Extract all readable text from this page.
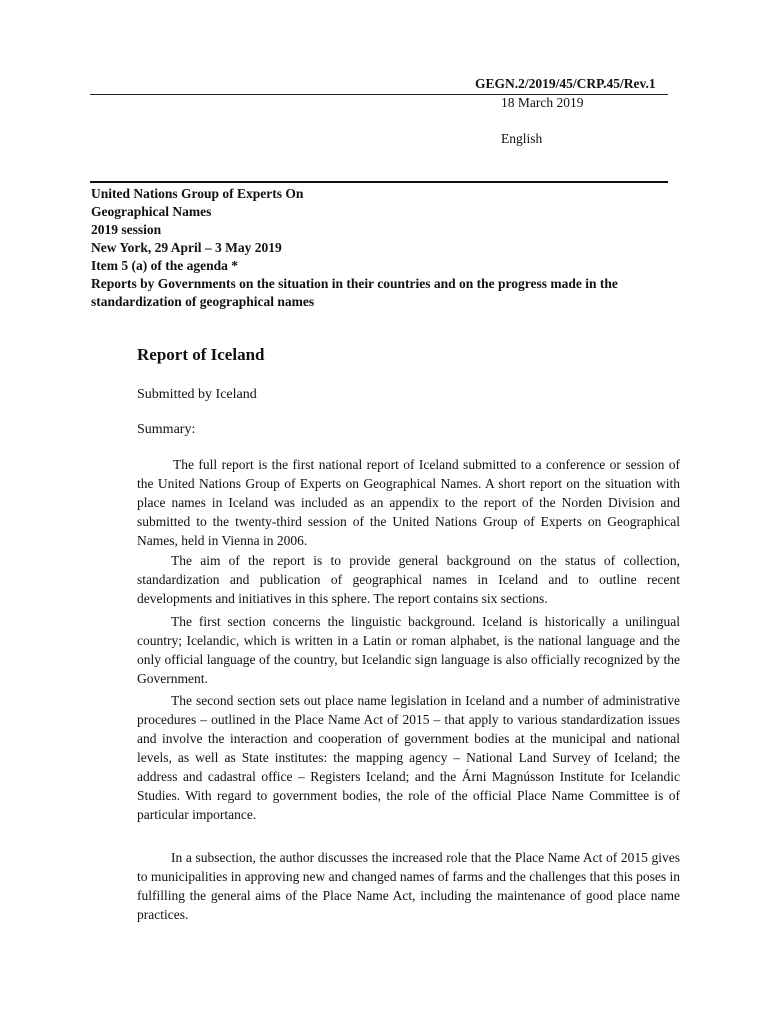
GEGN.2/2019/45/CRP.45/Rev.1
18 March 2019
English
United Nations Group of Experts On
Geographical Names
2019 session
New York, 29 April – 3 May 2019
Item 5 (a) of the agenda *
Reports by Governments on the situation in their countries and on the progress made in the standardization of geographical names
Report of Iceland
Submitted by Iceland
Summary:

The full report is the first national report of Iceland submitted to a conference or session of the United Nations Group of Experts on Geographical Names. A short report on the situation with place names in Iceland was included as an appendix to the report of the Norden Division and submitted to the twenty-third session of the United Nations Group of Experts on Geographical Names, held in Vienna in 2006.

The aim of the report is to provide general background on the status of collection, standardization and publication of geographical names in Iceland and to outline recent developments and initiatives in this sphere. The report contains six sections.

The first section concerns the linguistic background. Iceland is historically a unilingual country; Icelandic, which is written in a Latin or roman alphabet, is the national language and the only official language of the country, but Icelandic sign language is also officially recognized by the Government.

The second section sets out place name legislation in Iceland and a number of administrative procedures – outlined in the Place Name Act of 2015 – that apply to various standardization issues and involve the interaction and cooperation of government bodies at the municipal and national levels, as well as State institutes: the mapping agency – National Land Survey of Iceland; the address and cadastral office – Registers Iceland; and the Árni Magnússon Institute for Icelandic Studies. With regard to government bodies, the role of the official Place Name Committee is of particular importance.

In a subsection, the author discusses the increased role that the Place Name Act of 2015 gives to municipalities in approving new and changed names of farms and the challenges that this poses in fulfilling the general aims of the Place Name Act, including the maintenance of good place name practices.
